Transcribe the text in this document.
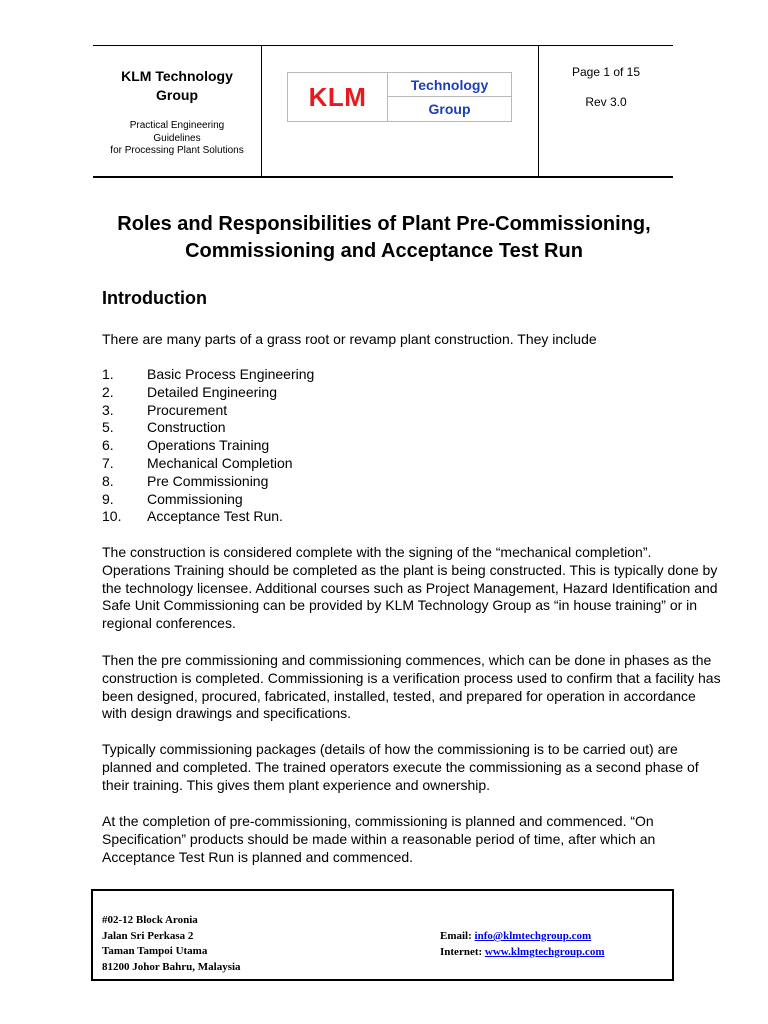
KLM Technology
Group
Practical Engineering
Guidelines
for Processing Plant Solutions
KLM	Technology
Group
Page 1 of 15
Rev 3.0
Roles and Responsibilities of Plant Pre-Commissioning,
Commissioning and Acceptance Test Run
Introduction
There are many parts of a grass root or revamp plant construction. They include
1. Basic Process Engineering
2. Detailed Engineering
3. Procurement
5. Construction
6. Operations Training
7. Mechanical Completion
8. Pre Commissioning
9. Commissioning
10. Acceptance Test Run.
The construction is considered complete with the signing of the “mechanical completion”. Operations Training should be completed as the plant is being constructed. This is typically done by the technology licensee. Additional courses such as Project Management, Hazard Identification and Safe Unit Commissioning can be provided by KLM Technology Group as “in house training” or in regional conferences.
Then the pre commissioning and commissioning commences, which can be done in phases as the construction is completed. Commissioning is a verification process used to confirm that a facility has been designed, procured, fabricated, installed, tested, and prepared for operation in accordance with design drawings and specifications.
Typically commissioning packages (details of how the commissioning is to be carried out) are planned and completed. The trained operators execute the commissioning as a second phase of their training. This gives them plant experience and ownership.
At the completion of pre-commissioning, commissioning is planned and commenced. “On Specification” products should be made within a reasonable period of time, after which an Acceptance Test Run is planned and commenced.
#02-12 Block Aronia
Jalan Sri Perkasa 2
Taman Tampoi Utama
81200 Johor Bahru, Malaysia
Email: info@klmtechgroup.com
Internet: www.klmgtechgroup.com
